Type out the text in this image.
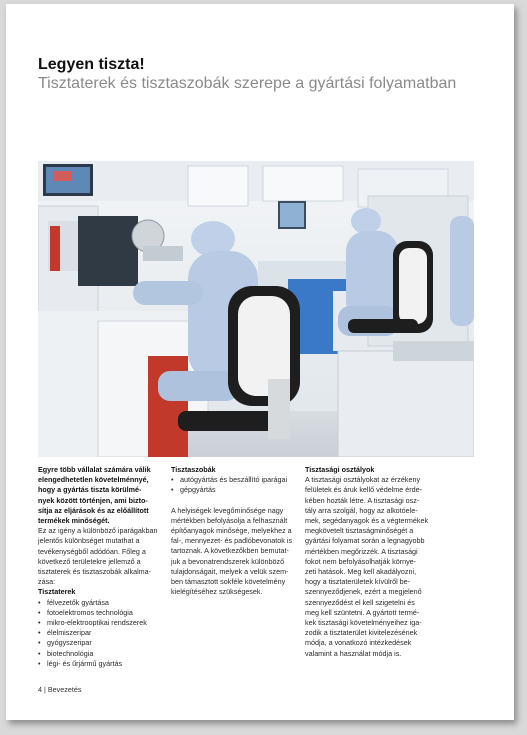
Legyen tiszta!
Tisztaterek és tisztaszobák szerepe a gyártási folyamatban
Egyre több vállalat számára válik
elengedhetetlen követelménnyé,
hogy a gyártás tiszta körülmé-
nyek között történjen, ami bizto-
sítja az eljárások és az előállított
termékek minőségét.
Ez az igény a különböző iparágakban
jelentős különbséget mutathat a
tevékenységből adódóan. Főleg a
következő területekre jellemző a
tisztaterek és tisztaszobák alkalma-
zása:
Tisztaterek
• félvezetők gyártása
• fotoelektromos technológia
• mikro-elektrooptikai rendszerek
• élelmiszeripar
• gyógyszeripar
• biotechnológia
• légi- és űrjármű gyártás
Tisztaszobák
• autógyártás és beszállító iparágai
• gépgyártás
A helyiségek levegőminősége nagy
mértékben befolyásolja a felhasznált
építőanyagok minősége, melyekhez a
fal-, mennyezet- és padlóbevonatok is
tartoznak. A következőkben bemutat-
juk a bevonatrendszerek különböző
tulajdonságait, melyek a velük szem-
ben támasztott sokféle követelmény
kielégítéséhez szükségesek.
Tisztasági osztályok
A tisztasági osztályokat az érzékeny
felületek és áruk kellő védelme érde-
kében hozták létre. A tisztasági osz-
tály arra szolgál, hogy az alkotóele-
mek, segédanyagok és a végtermékek
megkövetelt tisztaságminőségét a
gyártási folyamat során a legnagyobb
mértékben megőrizzék. A tisztasági
fokot nem befolyásolhatják környe-
zeti hatások. Meg kell akadályozni,
hogy a tisztaterületek kívülről be-
szennyeződjenek, ezért a megjelenő
szennyeződést el kell szigetelni és
meg kell szüntetni. A gyártott termé-
kek tisztasági követelményeihez iga-
zodik a tisztaterület kivitelezésének
módja, a vonatkozó intézkedések
valamint a használat módja is.
4 | Bevezetés
